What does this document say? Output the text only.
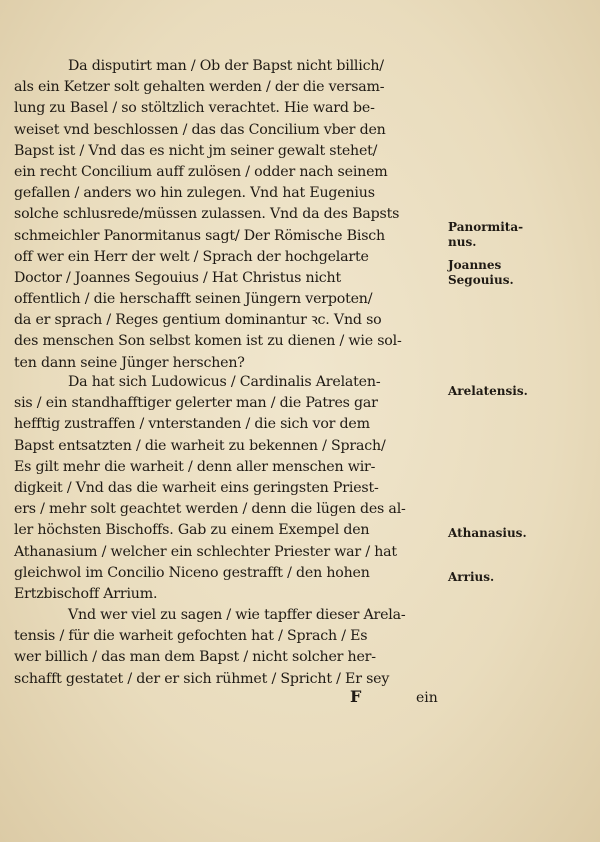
Da disputirt man / Ob der Bapst nicht billich/
als ein Ketzer solt gehalten werden / der die versam-
lung zu Basel / so stöltzlich verachtet. Hie ward be-
weiset vnd beschlossen / das das Concilium vber den
Bapst ist / Vnd das es nicht jm seiner gewalt stehet/
ein recht Concilium auff zulösen / odder nach seinem
gefallen / anders wo hin zulegen. Vnd hat Eugenius
solche schlusrede/müssen zulassen. Vnd da des Bapsts
schmeichler Panormitanus sagt/ Der Römische Bisch
off wer ein Herr der welt / Sprach der hochgelarte
Doctor / Joannes Segouius / Hat Christus nicht
offentlich / die herschafft seinen Jüngern verpoten/
da er sprach / Reges gentium dominantur ꝛc. Vnd so
des menschen Son selbst komen ist zu dienen / wie sol-
ten dann seine Jünger herschen?
Da hat sich Ludowicus / Cardinalis Arelaten-
sis / ein standhafftiger gelerter man / die Patres gar
hefftig zustraffen / vnterstanden / die sich vor dem
Bapst entsatzten / die warheit zu bekennen / Sprach/
Es gilt mehr die warheit / denn aller menschen wir-
digkeit / Vnd das die warheit eins geringsten Priest-
ers / mehr solt geachtet werden / denn die lügen des al-
ler höchsten Bischoffs. Gab zu einem Exempel den
Athanasium / welcher ein schlechter Priester war / hat
gleichwol im Concilio Niceno gestrafft / den hohen
Ertzbischoff Arrium.
Vnd wer viel zu sagen / wie tapffer dieser Arela-
tensis / für die warheit gefochten hat / Sprach / Es
wer billich / das man dem Bapst / nicht solcher her-
schafft gestatet / der er sich rühmet / Spricht / Er sey
Panormita-
nus.
Joannes
Segouius.
Arelatensis.
Athanasius.
Arrius.
F	ein
